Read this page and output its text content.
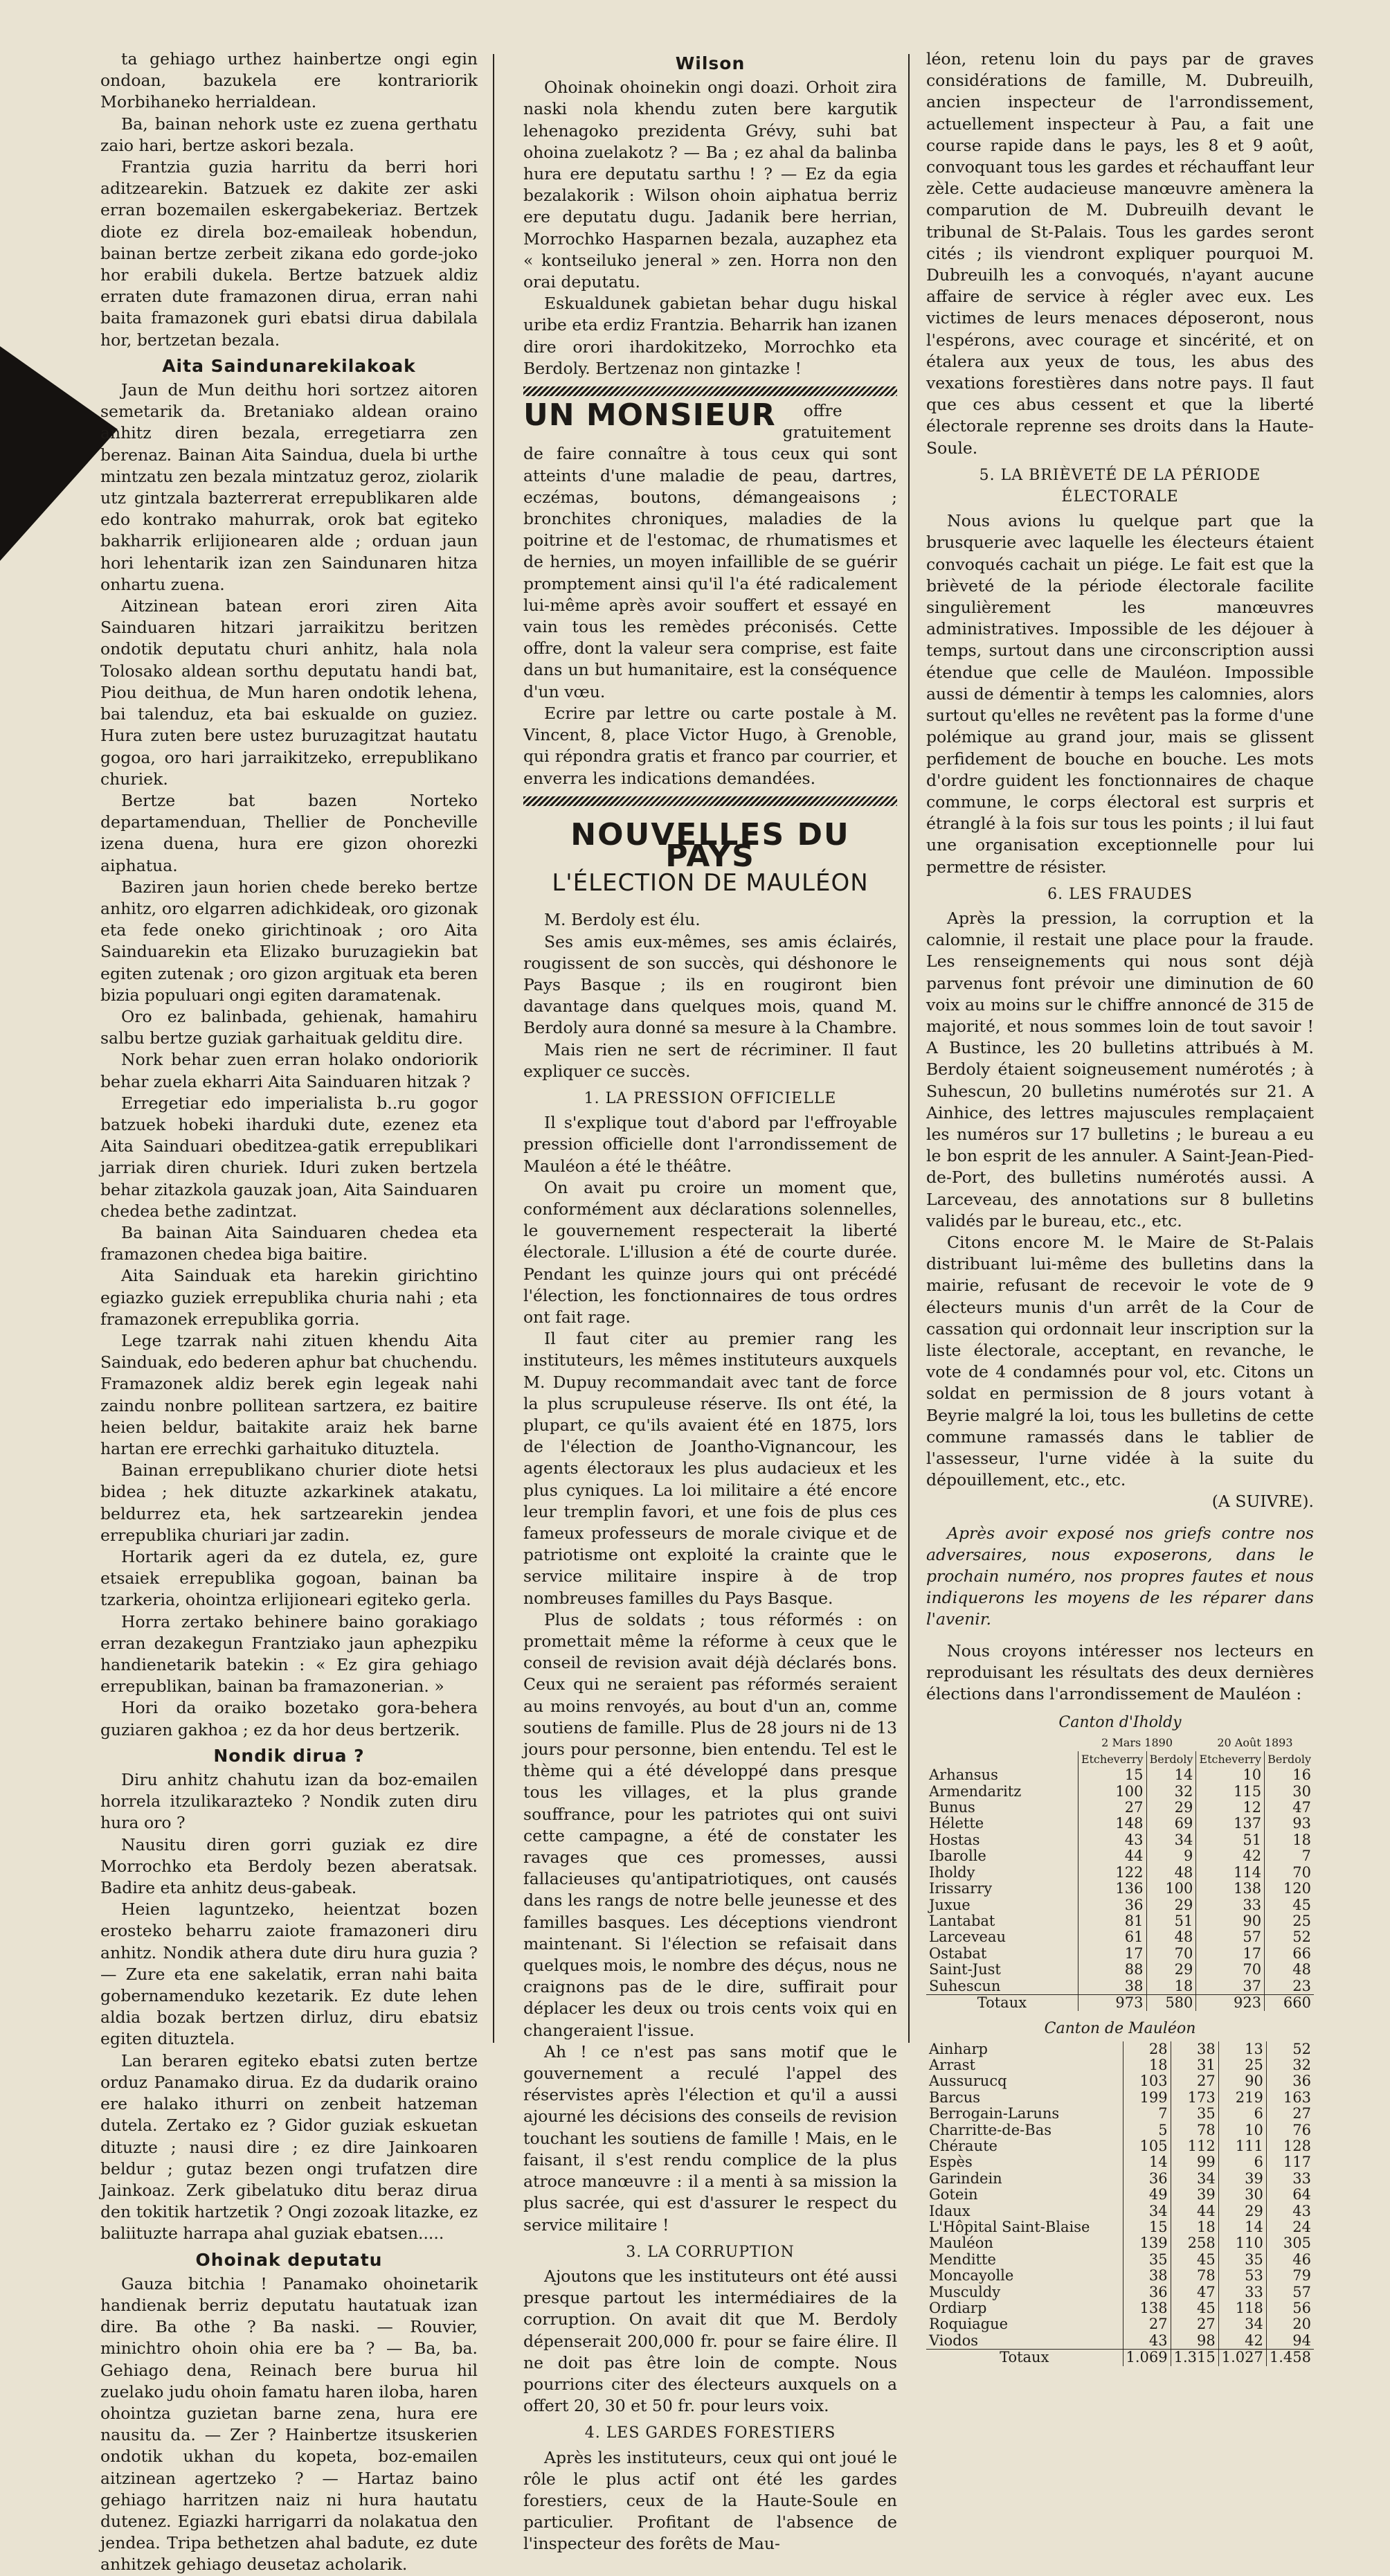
ta gehiago urthez hainbertze ongi egin ondoan, bazukela ere kontrariorik Morbihaneko herrialdean.

Ba, bainan nehork uste ez zuena gerthatu zaio hari, bertze askori bezala.

Frantzia guzia harritu da berri hori aditzearekin. Batzuek ez dakite zer aski erran bozemailen eskergabekeriaz. Bertzek diote ez direla boz-emaileak hobendun, bainan bertze zerbeit zikana edo gorde-joko hor erabili dukela. Bertze batzuek aldiz erraten dute framazonen dirua, erran nahi baita framazonek guri ebatsi dirua dabilala hor, bertzetan bezala.

Aita Saindunarekilakoak

Jaun de Mun deithu hori sortzez aitoren semetarik da. Bretaniako aldean oraino anhitz diren bezala, erregetiarra zen berenaz. Bainan Aita Saindua, duela bi urthe mintzatu zen bezala mintzatuz geroz, ziolarik utz gintzala bazterrerat errepublikaren alde edo kontrako mahurrak, orok bat egiteko bakharrik erlijionearen alde ; orduan jaun hori lehentarik izan zen Saindunaren hitza onhartu zuena.

Aitzinean batean erori ziren Aita Sainduaren hitzari jarraikitzu beritzen ondotik deputatu churi anhitz, hala nola Tolosako aldean sorthu deputatu handi bat, Piou deithua, de Mun haren ondotik lehena, bai talenduz, eta bai eskualde on guziez. Hura zuten bere ustez buruzagitzat hautatu gogoa, oro hari jarraikitzeko, errepublikano churiek.

Bertze bat bazen Norteko departamenduan, Thellier de Poncheville izena duena, hura ere gizon ohorezki aiphatua.

Baziren jaun horien chede bereko bertze anhitz, oro elgarren adichkideak, oro gizonak eta fede oneko girichtinoak ; oro Aita Sainduarekin eta Elizako buruzagiekin bat egiten zutenak ; oro gizon argituak eta beren bizia populuari ongi egiten daramatenak.

Oro ez balinbada, gehienak, hamahiru salbu bertze guziak garhaituak gelditu dire.

Nork behar zuen erran holako ondoriorik behar zuela ekharri Aita Sainduaren hitzak ?

Erregetiar edo imperialista b..ru gogor batzuek hobeki iharduki dute, ezenez eta Aita Sainduari obeditzea-gatik errepublikari jarriak diren churiek. Iduri zuken bertzela behar zitazkola gauzak joan, Aita Sainduaren chedea bethe zadintzat.

Ba bainan Aita Sainduaren chedea eta framazonen chedea biga baitire.

Aita Sainduak eta harekin girichtino egiazko guziek errepublika churia nahi ; eta framazonek errepublika gorria.

Lege tzarrak nahi zituen khendu Aita Sainduak, edo bederen aphur bat chuchendu. Framazonek aldiz berek egin legeak nahi zaindu nonbre pollitean sartzera, ez baitire heien beldur, baitakite araiz hek barne hartan ere errechki garhaituko dituztela.

Bainan errepublikano churier diote hetsi bidea ; hek dituzte azkarkinek atakatu, beldurrez eta, hek sartzearekin jendea errepublika churiari jar zadin.

Hortarik ageri da ez dutela, ez, gure etsaiek errepublika gogoan, bainan ba tzarkeria, ohointza erlijioneari egiteko gerla.

Horra zertako behinere baino gorakiago erran dezakegun Frantziako jaun aphezpiku handienetarik batekin : « Ez gira gehiago errepublikan, bainan ba framazonerian. »

Hori da oraiko bozetako gora-behera guziaren gakhoa ; ez da hor deus bertzerik.

Nondik dirua ?

Diru anhitz chahutu izan da boz-emailen horrela itzulikarazteko ? Nondik zuten diru hura oro ?

Nausitu diren gorri guziak ez dire Morrochko eta Berdoly bezen aberatsak. Badire eta anhitz deus-gabeak.

Heien laguntzeko, heientzat bozen erosteko beharru zaiote framazoneri diru anhitz. Nondik athera dute diru hura guzia ? — Zure eta ene sakelatik, erran nahi baita gobernamenduko kezetarik. Ez dute lehen aldia bozak bertzen dirluz, diru ebatsiz egiten dituztela.

Lan beraren egiteko ebatsi zuten bertze orduz Panamako dirua. Ez da dudarik oraino ere halako ithurri on zenbeit hatzeman dutela. Zertako ez ? Gidor guziak eskuetan dituzte ; nausi dire ; ez dire Jainkoaren beldur ; gutaz bezen ongi trufatzen dire Jainkoaz. Zerk gibelatuko ditu beraz dirua den tokitik hartzetik ? Ongi zozoak litazke, ez baliituzte harrapa ahal guziak ebatsen.....

Ohoinak deputatu

Gauza bitchia ! Panamako ohoinetarik handienak berriz deputatu hautatuak izan dire. Ba othe ? Ba naski. — Rouvier, minichtro ohoin ohia ere ba ? — Ba, ba. Gehiago dena, Reinach bere burua hil zuelako judu ohoin famatu haren iloba, haren ohointza guzietan barne zena, hura ere nausitu da. — Zer ? Hainbertze itsuskerien ondotik ukhan du kopeta, boz-emailen aitzinean agertzeko ? — Hartaz baino gehiago harritzen naiz ni hura hautatu dutenez. Egiazki harrigarri da nolakatua den jendea. Tripa bethetzen ahal badute, ez dute anhitzek gehiago deusetaz acholarik.

Wilson

Ohoinak ohoinekin ongi doazi. Orhoit zira naski nola khendu zuten bere kargutik lehenagoko prezidenta Grévy, suhi bat ohoina zuelakotz ? — Ba ; ez ahal da balinba hura ere deputatu sarthu ! ? — Ez da egia bezalakorik : Wilson ohoin aiphatua berriz ere deputatu dugu. Jadanik bere herrian, Morrochko Hasparnen bezala, auzaphez eta « kontseiluko jeneral » zen. Horra non den orai deputatu.

Eskualdunek gabietan behar dugu hiskal uribe eta erdiz Frantzia. Beharrik han izanen dire orori ihardokitzeko, Morrochko eta Berdoly. Bertzenaz non gintazke !

UN MONSIEUR	offre gratuitement de faire connaître à tous ceux qui sont atteints d'une maladie de peau, dartres, eczémas, boutons, démangeaisons ; bronchites chroniques, maladies de la poitrine et de l'estomac, de rhumatismes et de hernies, un moyen infaillible de se guérir promptement ainsi qu'il l'a été radicalement lui-même après avoir souffert et essayé en vain tous les remèdes préconisés. Cette offre, dont la valeur sera comprise, est faite dans un but humanitaire, est la conséquence d'un vœu.

Ecrire par lettre ou carte postale à M. Vincent, 8, place Victor Hugo, à Grenoble, qui répondra gratis et franco par courrier, et enverra les indications demandées.

NOUVELLES DU PAYS
L'ÉLECTION DE MAULÉON

M. Berdoly est élu.

Ses amis eux-mêmes, ses amis éclairés, rougissent de son succès, qui déshonore le Pays Basque ; ils en rougiront bien davantage dans quelques mois, quand M. Berdoly aura donné sa mesure à la Chambre.

Mais rien ne sert de récriminer. Il faut expliquer ce succès.

1. LA PRESSION OFFICIELLE

Il s'explique tout d'abord par l'effroyable pression officielle dont l'arrondissement de Mauléon a été le théâtre.

On avait pu croire un moment que, conformément aux déclarations solennelles, le gouvernement respecterait la liberté électorale. L'illusion a été de courte durée. Pendant les quinze jours qui ont précédé l'élection, les fonctionnaires de tous ordres ont fait rage.

Il faut citer au premier rang les instituteurs, les mêmes instituteurs auxquels M. Dupuy recommandait avec tant de force la plus scrupuleuse réserve. Ils ont été, la plupart, ce qu'ils avaient été en 1875, lors de l'élection de Joantho-Vignancour, les agents électoraux les plus audacieux et les plus cyniques. La loi militaire a été encore leur tremplin favori, et une fois de plus ces fameux professeurs de morale civique et de patriotisme ont exploité la crainte que le service militaire inspire à de trop nombreuses familles du Pays Basque.

Plus de soldats ; tous réformés : on promettait même la réforme à ceux que le conseil de revision avait déjà déclarés bons. Ceux qui ne seraient pas réformés seraient au moins renvoyés, au bout d'un an, comme soutiens de famille. Plus de 28 jours ni de 13 jours pour personne, bien entendu. Tel est le thème qui a été développé dans presque tous les villages, et la plus grande souffrance, pour les patriotes qui ont suivi cette campagne, a été de constater les ravages que ces promesses, aussi fallacieuses qu'antipatriotiques, ont causés dans les rangs de notre belle jeunesse et des familles basques. Les déceptions viendront maintenant. Si l'élection se refaisait dans quelques mois, le nombre des déçus, nous ne craignons pas de le dire, suffirait pour déplacer les deux ou trois cents voix qui en changeraient l'issue.

Ah ! ce n'est pas sans motif que le gouvernement a reculé l'appel des réservistes après l'élection et qu'il a aussi ajourné les décisions des conseils de revision touchant les soutiens de famille ! Mais, en le faisant, il s'est rendu complice de la plus atroce manœuvre : il a menti à sa mission la plus sacrée, qui est d'assurer le respect du service militaire !

3. LA CORRUPTION

Ajoutons que les instituteurs ont été aussi presque partout les intermédiaires de la corruption. On avait dit que M. Berdoly dépenserait 200,000 fr. pour se faire élire. Il ne doit pas être loin de compte. Nous pourrions citer des électeurs auxquels on a offert 20, 30 et 50 fr. pour leurs voix.

4. LES GARDES FORESTIERS

Après les instituteurs, ceux qui ont joué le rôle le plus actif ont été les gardes forestiers, ceux de la Haute-Soule en particulier. Profitant de l'absence de l'inspecteur des forêts de Mau-

léon, retenu loin du pays par de graves considérations de famille, M. Dubreuilh, ancien inspecteur de l'arrondissement, actuellement inspecteur à Pau, a fait une course rapide dans le pays, les 8 et 9 août, convoquant tous les gardes et réchauffant leur zèle. Cette audacieuse manœuvre amènera la comparution de M. Dubreuilh devant le tribunal de St-Palais. Tous les gardes seront cités ; ils viendront expliquer pourquoi M. Dubreuilh les a convoqués, n'ayant aucune affaire de service à régler avec eux. Les victimes de leurs menaces déposeront, nous l'espérons, avec courage et sincérité, et on étalera aux yeux de tous, les abus des vexations forestières dans notre pays. Il faut que ces abus cessent et que la liberté électorale reprenne ses droits dans la Haute-Soule.

5. LA BRIÈVETÉ DE LA PÉRIODE ÉLECTORALE

Nous avions lu quelque part que la brusquerie avec laquelle les électeurs étaient convoqués cachait un piége. Le fait est que la brièveté de la période électorale facilite singulièrement les manœuvres administratives. Impossible de les déjouer à temps, surtout dans une circonscription aussi étendue que celle de Mauléon. Impossible aussi de démentir à temps les calomnies, alors surtout qu'elles ne revêtent pas la forme d'une polémique au grand jour, mais se glissent perfidement de bouche en bouche. Les mots d'ordre guident les fonctionnaires de chaque commune, le corps électoral est surpris et étranglé à la fois sur tous les points ; il lui faut une organisation exceptionnelle pour lui permettre de résister.

6. LES FRAUDES

Après la pression, la corruption et la calomnie, il restait une place pour la fraude. Les renseignements qui nous sont déjà parvenus font prévoir une diminution de 60 voix au moins sur le chiffre annoncé de 315 de majorité, et nous sommes loin de tout savoir ! A Bustince, les 20 bulletins attribués à M. Berdoly étaient soigneusement numérotés ; à Suhescun, 20 bulletins numérotés sur 21. A Ainhice, des lettres majuscules remplaçaient les numéros sur 17 bulletins ; le bureau a eu le bon esprit de les annuler. A Saint-Jean-Pied-de-Port, des bulletins numérotés aussi. A Larceveau, des annotations sur 8 bulletins validés par le bureau, etc., etc.

Citons encore M. le Maire de St-Palais distribuant lui-même des bulletins dans la mairie, refusant de recevoir le vote de 9 électeurs munis d'un arrêt de la Cour de cassation qui ordonnait leur inscription sur la liste électorale, acceptant, en revanche, le vote de 4 condamnés pour vol, etc. Citons un soldat en permission de 8 jours votant à Beyrie malgré la loi, tous les bulletins de cette commune ramassés dans le tablier de l'assesseur, l'urne vidée à la suite du dépouillement, etc., etc.

(A SUIVRE).

Après avoir exposé nos griefs contre nos adversaires, nous exposerons, dans le prochain numéro, nos propres fautes et nous indiquerons les moyens de les réparer dans l'avenir.

Nous croyons intéresser nos lecteurs en reproduisant les résultats des deux dernières élections dans l'arrondissement de Mauléon :

Canton d'Iholdy
	2 Mars 1890		20 Août 1893	
	Etcheverry	Berdoly	Etcheverry	Berdoly
Arhansus	15	14	10	16
Armendaritz	100	32	115	30
Bunus	27	29	12	47
Hélette	148	69	137	93
Hostas	43	34	51	18
Ibarolle	44	9	42	7
Iholdy	122	48	114	70
Irissarry	136	100	138	120
Juxue	36	29	33	45
Lantabat	81	51	90	25
Larceveau	61	48	57	52
Ostabat	17	70	17	66
Saint-Just	88	29	70	48
Suhescun	38	18	37	23
Totaux	973	580	923	660
Canton de Mauléon
Ainharp	28	38	13	52
Arrast	18	31	25	32
Aussurucq	103	27	90	36
Barcus	199	173	219	163
Berrogain-Laruns	7	35	6	27
Charritte-de-Bas	5	78	10	76
Chéraute	105	112	111	128
Espès	14	99	6	117
Garindein	36	34	39	33
Gotein	49	39	30	64
Idaux	34	44	29	43
L'Hôpital Saint-Blaise	15	18	14	24
Mauléon	139	258	110	305
Menditte	35	45	35	46
Moncayolle	38	78	53	79
Musculdy	36	47	33	57
Ordiarp	138	45	118	56
Roquiague	27	27	34	20
Viodos	43	98	42	94
Totaux	1.069	1.315	1.027	1.458
